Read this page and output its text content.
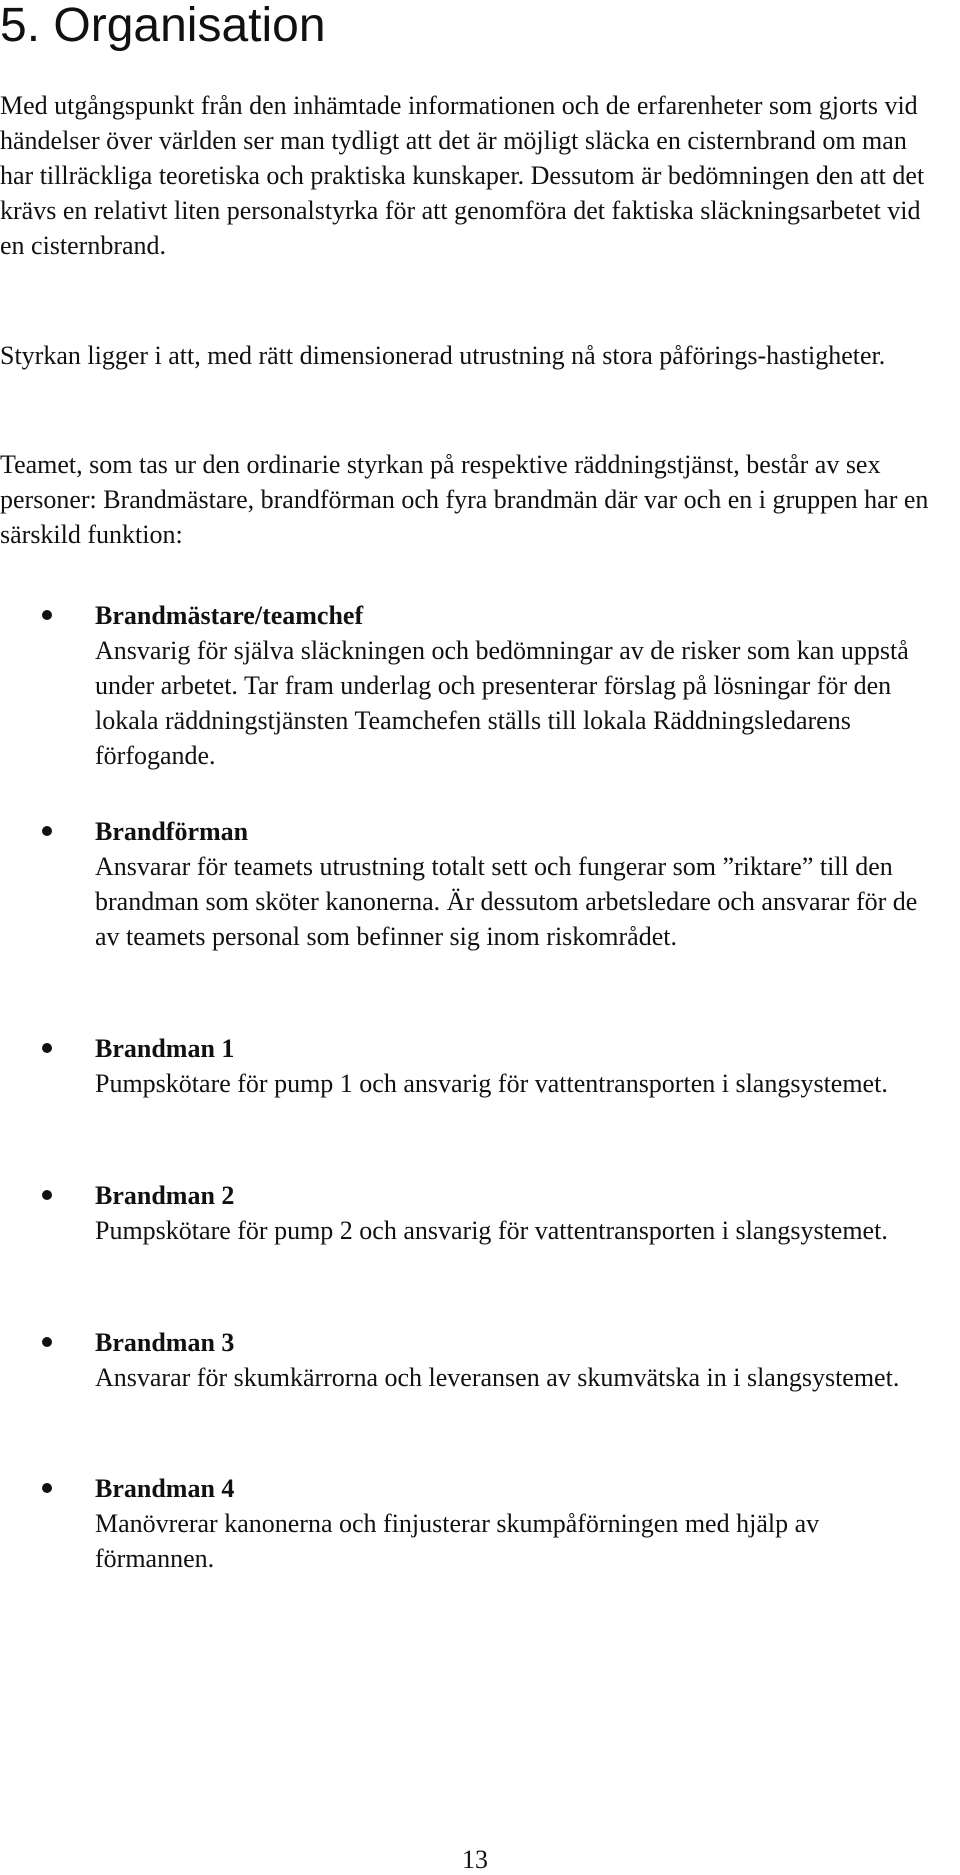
5. Organisation

Med utgångspunkt från den inhämtade informationen och de erfarenheter som gjorts vid händelser över världen ser man tydligt att det är möjligt släcka en cisternbrand om man har tillräckliga teoretiska och praktiska kunskaper. Dessutom är bedömningen den att det krävs en relativt liten personalstyrka för att genomföra det faktiska släckningsarbetet vid en cisternbrand.

Styrkan ligger i att, med rätt dimensionerad utrustning nå stora påförings-hastigheter.

Teamet, som tas ur den ordinarie styrkan på respektive räddningstjänst, består av sex personer: Brandmästare, brandförman och fyra brandmän där var och en i gruppen har en särskild funktion:

Brandmästare/teamchef

Ansvarig för själva släckningen och bedömningar av de risker som kan uppstå under arbetet. Tar fram underlag och presenterar förslag på lösningar för den lokala räddningstjänsten Teamchefen ställs till lokala Räddningsledarens förfogande.

Brandförman

Ansvarar för teamets utrustning totalt sett och fungerar som ”riktare” till den brandman som sköter kanonerna. Är dessutom arbetsledare och ansvarar för de av teamets personal som befinner sig inom riskområdet.

Brandman 1

Pumpskötare för pump 1 och ansvarig för vattentransporten i slangsystemet.

Brandman 2

Pumpskötare för pump 2 och ansvarig för vattentransporten i slangsystemet.

Brandman 3

Ansvarar för skumkärrorna och leveransen av skumvätska in i slangsystemet.

Brandman 4

Manövrerar kanonerna och finjusterar skumpåförningen med hjälp av förmannen.

13
